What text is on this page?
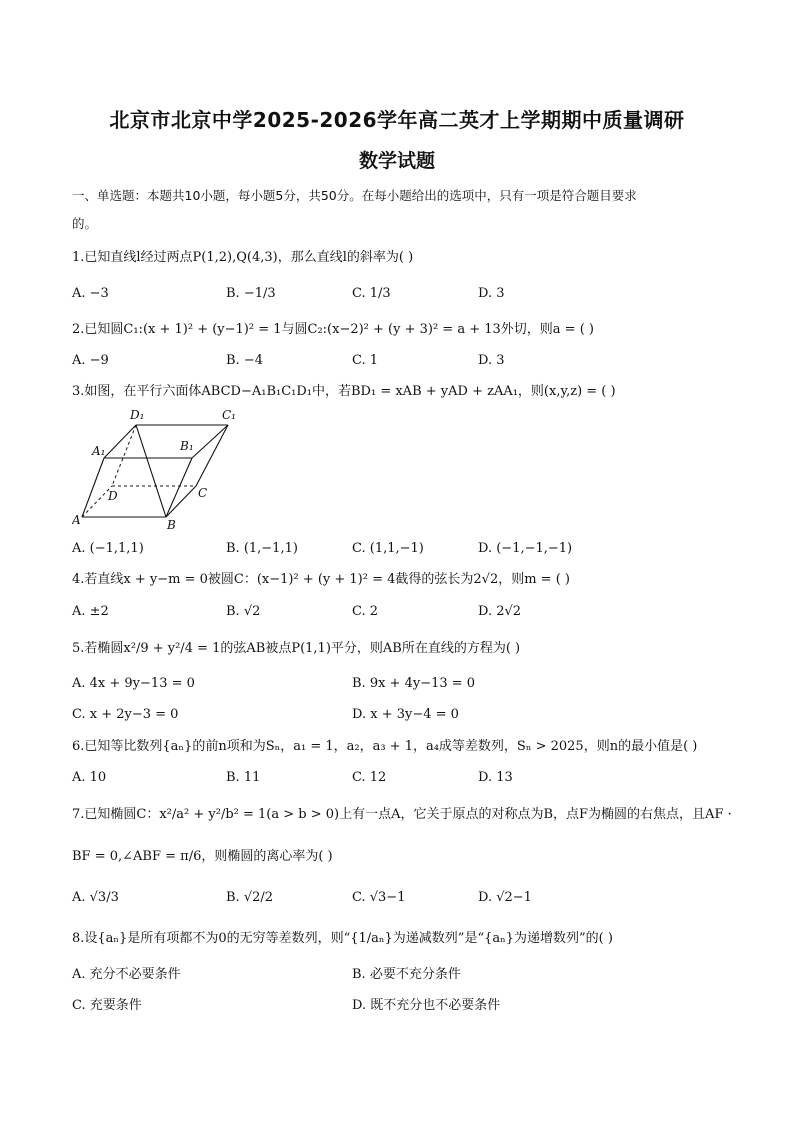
北京市北京中学2025-2026学年高二英才上学期期中质量调研
数学试题
一、单选题：本题共10小题，每小题5分，共50分。在每小题给出的选项中，只有一项是符合题目要求
的。
1.已知直线l经过两点P(1,2),Q(4,3)，那么直线l的斜率为( )
A. −3	B. −1/3	C. 1/3	D. 3
2.已知圆C₁:(x + 1)² + (y−1)² = 1与圆C₂:(x−2)² + (y + 3)² = a + 13外切，则a = ( )
A. −9	B. −4	C. 1	D. 3
3.如图，在平行六面体ABCD−A₁B₁C₁D₁中，若BD₁ = xAB + yAD + zAA₁，则(x,y,z) = ( )
D₁	C₁
A₁	B₁
D	C
A	B
A. (−1,1,1)	B. (1,−1,1)	C. (1,1,−1)	D. (−1,−1,−1)
4.若直线x + y−m = 0被圆C：(x−1)² + (y + 1)² = 4截得的弦长为2√2，则m = ( )
A. ±2	B. √2	C. 2	D. 2√2
5.若椭圆x²/9 + y²/4 = 1的弦AB被点P(1,1)平分，则AB所在直线的方程为( )
A. 4x + 9y−13 = 0	B. 9x + 4y−13 = 0
C. x + 2y−3 = 0	D. x + 3y−4 = 0
6.已知等比数列{aₙ}的前n项和为Sₙ，a₁ = 1，a₂，a₃ + 1，a₄成等差数列，Sₙ > 2025，则n的最小值是( )
A. 10	B. 11	C. 12	D. 13
7.已知椭圆C：x²/a² + y²/b² = 1(a > b > 0)上有一点A，它关于原点的对称点为B，点F为椭圆的右焦点，且AF ·
BF = 0,∠ABF = π/6，则椭圆的离心率为( )
A. √3/3	B. √2/2	C. √3−1	D. √2−1
8.设{aₙ}是所有项都不为0的无穷等差数列，则“{1/aₙ}为递减数列”是“{aₙ}为递增数列”的( )
A. 充分不必要条件	B. 必要不充分条件
C. 充要条件	D. 既不充分也不必要条件
